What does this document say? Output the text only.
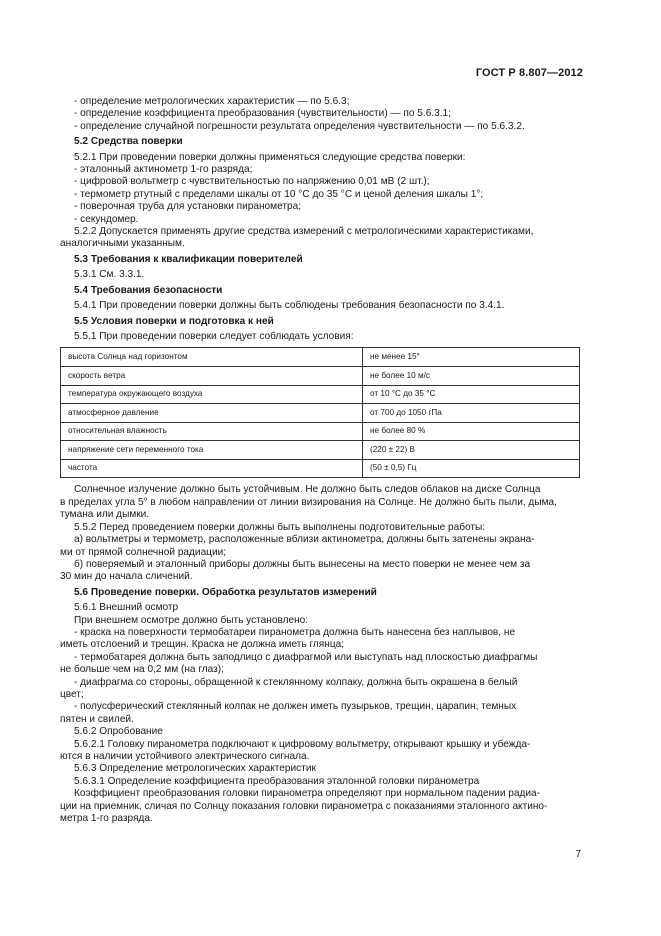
ГОСТ Р 8.807—2012
- определение метрологических характеристик — по 5.6.3;
- определение коэффициента преобразования (чувствительности) — по 5.6.3.1;
- определение случайной погрешности результата определения чувствительности — по 5.6.3.2.
5.2 Средства поверки
5.2.1 При проведении поверки должны применяться следующие средства поверки:
- эталонный актинометр 1-го разряда;
- цифровой вольтметр с чувствительностью по напряжению 0,01 мВ (2 шт.);
- термометр ртутный с пределами шкалы от 10 °С до 35 °С и ценой деления шкалы 1°;
- поверочная труба для установки пиранометра;
- секундомер.
5.2.2 Допускается применять другие средства измерений с метрологическими характеристиками,
аналогичными указанным.
5.3 Требования к квалификации поверителей
5.3.1 См. 3.3.1.
5.4 Требования безопасности
5.4.1 При проведении поверки должны быть соблюдены требования безопасности по 3.4.1.
5.5 Условия поверки и подготовка к ней
5.5.1 При проведении поверки следует соблюдать условия:
высота Солнца над горизонтом	не менее 15°
скорость ветра	не более 10 м/с
температура окружающего воздуха	от 10 °С до 35 °С
атмосферное давление	от 700 до 1050 гПа
относительная влажность	не более 80 %
напряжение сети переменного тока	(220 ± 22) В
частота	(50 ± 0,5) Гц
Солнечное излучение должно быть устойчивым. Не должно быть следов облаков на диске Солнца
в пределах угла 5° в любом направлении от линии визирования на Солнце. Не должно быть пыли, дыма,
тумана или дымки.
5.5.2 Перед проведением поверки должны быть выполнены подготовительные работы:
а) вольтметры и термометр, расположенные вблизи актинометра, должны быть затенены экрана-
ми от прямой солнечной радиации;
б) поверяемый и эталонный приборы должны быть вынесены на место поверки не менее чем за
30 мин до начала сличений.
5.6 Проведение поверки. Обработка результатов измерений
5.6.1 Внешний осмотр
При внешнем осмотре должно быть установлено:
- краска на поверхности термобатареи пиранометра должна быть нанесена без наплывов, не
иметь отслоений и трещин. Краска не должна иметь глянца;
- термобатарея должна быть заподлицо с диафрагмой или выступать над плоскостью диафрагмы
не больше чем на 0,2 мм (на глаз);
- диафрагма со стороны, обращенной к стеклянному колпаку, должна быть окрашена в белый
цвет;
- полусферический стеклянный колпак не должен иметь пузырьков, трещин, царапин, темных
пятен и свилей.
5.6.2 Опробование
5.6.2.1 Головку пиранометра подключают к цифровому вольтметру, открывают крышку и убежда-
ются в наличии устойчивого электрического сигнала.
5.6.3 Определение метрологических характеристик
5.6.3.1 Определение коэффициента преобразования эталонной головки пиранометра
Коэффициент преобразования головки пиранометра определяют при нормальном падении радиа-
ции на приемник, сличая по Солнцу показания головки пиранометра с показаниями эталонного актино-
метра 1-го разряда.
7
